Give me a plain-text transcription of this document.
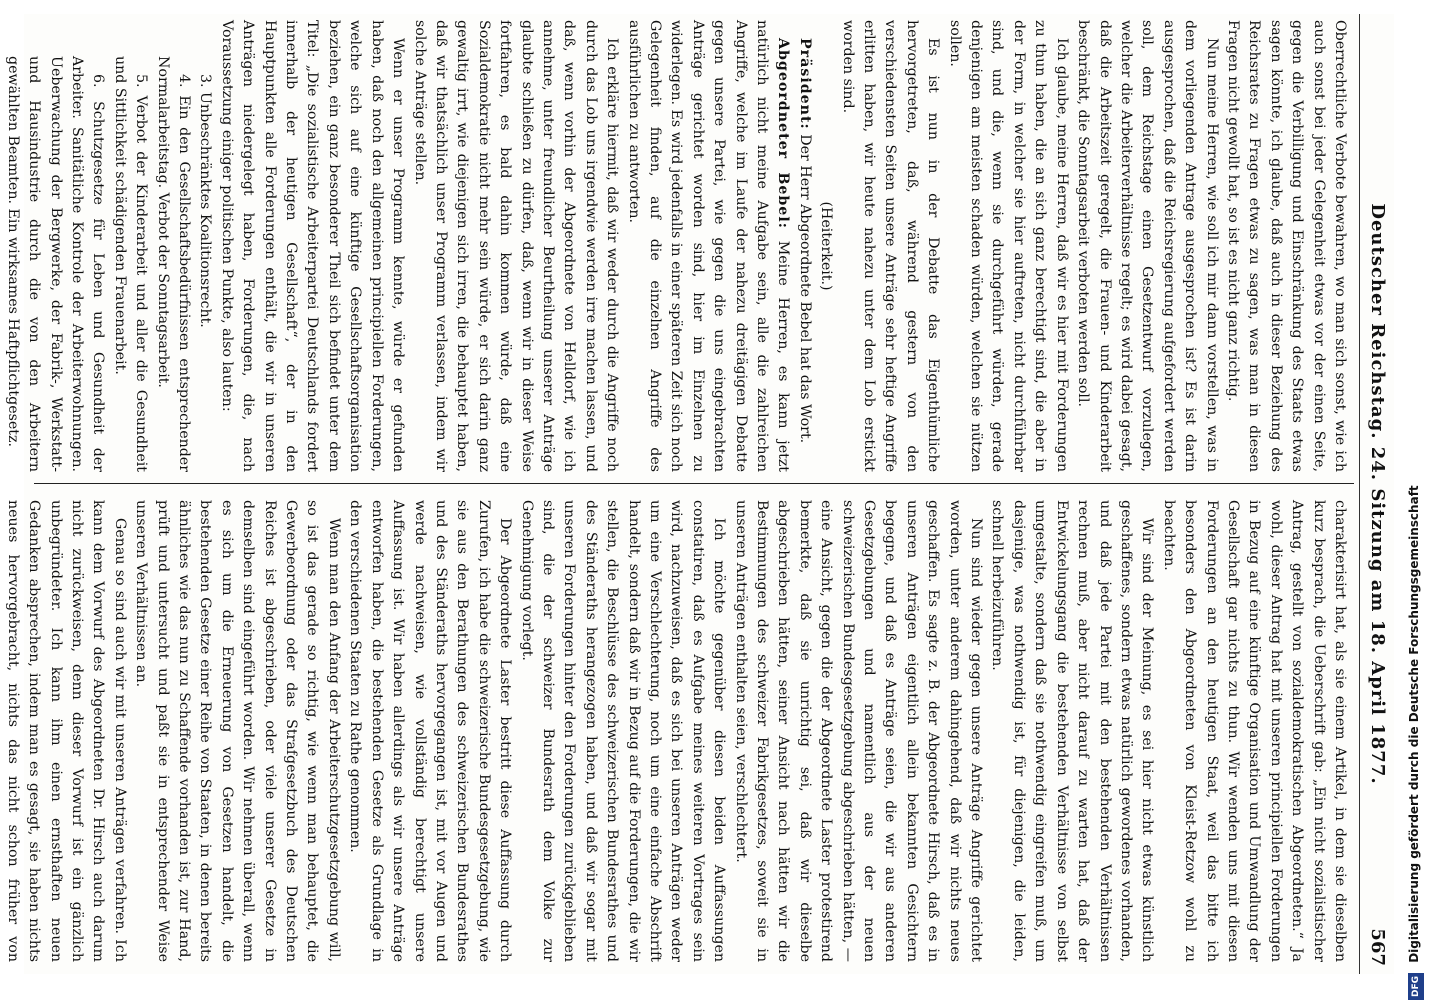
Deutscher Reichstag. 24. Sitzung am 18. April 1877.
567

Oberrechtliche Verbote bewahren, wo man sich sonst, wie ich auch sonst bei jeder Gelegenheit etwas vor der einen Seite, gegen die Verbilligung und Einschränkung des Staats etwas sagen könnte, ich glaube, daß auch in dieser Beziehung des Reichsrates zu Fragen etwas zu sagen, was man in diesen Fragen nicht gewollt hat, so ist es nicht ganz richtig.

Nun meine Herren, wie soll ich mir dann vorstellen, was in dem vorliegenden Antrage ausgesprochen ist? Es ist darin ausgesprochen, daß die Reichsregierung aufgefordert werden soll, dem Reichstage einen Gesetzentwurf vorzulegen, welcher die Arbeiterverhältnisse regelt; es wird dabei gesagt, daß die Arbeitszeit geregelt, die Frauen- und Kinderarbeit beschränkt, die Sonntagsarbeit verboten werden soll.

Ich glaube, meine Herren, daß wir es hier mit Forderungen zu thun haben, die an sich ganz berechtigt sind, die aber in der Form, in welcher sie hier auftreten, nicht durchführbar sind, und die, wenn sie durchgeführt würden, gerade denjenigen am meisten schaden würden, welchen sie nützen sollen.

Es ist nun in der Debatte das Eigenthümliche hervorgetreten, daß, während gestern von den verschiedensten Seiten unsere Anträge sehr heftige Angriffe erlitten haben, wir heute nahezu unter dem Lob erstickt worden sind.

(Heiterkeit.)

Präsident: Der Herr Abgeordnete Bebel hat das Wort.

Abgeordneter Bebel: Meine Herren, es kann jetzt natürlich nicht meine Aufgabe sein, alle die zahlreichen Angriffe, welche im Laufe der nahezu dreitägigen Debatte gegen unsere Partei, wie gegen die uns eingebrachten Anträge gerichtet worden sind, hier im Einzelnen zu widerlegen. Es wird jedenfalls in einer späteren Zeit sich noch Gelegenheit finden, auf die einzelnen Angriffe des ausführlichen zu antworten.

Ich erkläre hiermit, daß wir weder durch die Angriffe noch durch das Lob uns irgendwie werden irre machen lassen, und daß, wenn vorhin der Abgeordnete von Helldorf, wie ich annehme, unter freundlicher Beurtheilung unserer Anträge glaubte schließen zu dürfen, daß, wenn wir in dieser Weise fortfahren, es bald dahin kommen würde, daß eine Sozialdemokratie nicht mehr sein würde, er sich darin ganz gewaltig irrt, wie diejenigen sich irren, die behauptet haben, daß wir thatsächlich unser Programm verlassen, indem wir solche Anträge stellen.

Wenn er unser Programm kennte, würde er gefunden haben, daß noch den allgemeinen principiellen Forderungen, welche sich auf eine künftige Gesellschaftsorganisation beziehen, ein ganz besonderer Theil sich befindet unter dem Titel: „Die sozialistische Arbeiterpartei Deutschlands fordert innerhalb der heutigen Gesellschaft“, der in den Hauptpunkten alle Forderungen enthält, die wir in unseren Anträgen niedergelegt haben, Forderungen, die, nach Voraussetzung einiger politischen Punkte, also lauten:

3. Unbeschränktes Koalitionsrecht.

4. Ein den Gesellschaftsbedürfnissen entsprechender Normalarbeitstag. Verbot der Sonntagsarbeit.

5. Verbot der Kinderarbeit und aller die Gesundheit und Sittlichkeit schädigenden Frauenarbeit.

6. Schutzgesetze für Leben und Gesundheit der Arbeiter. Sanitätliche Kontrole der Arbeiterwohnungen. Ueberwachung der Bergwerke, der Fabrik-, Werkstatt- und Hausindustrie durch die von den Arbeitern gewählten Beamten. Ein wirksames Haftpflichtgesetz.

charakterisirt hat, als sie einem Artikel, in dem sie dieselben kurz besprach, die Ueberschrift gab: „Ein nicht sozialistischer Antrag, gestellt von sozialdemokratischen Abgeordneten.“ Ja wohl, dieser Antrag hat mit unseren principiellen Forderungen in Bezug auf eine künftige Organisation und Umwandlung der Gesellschaft gar nichts zu thun. Wir wenden uns mit diesen Forderungen an den heutigen Staat, weil das bitte ich besonders den Abgeordneten von Kleist-Retzow wohl zu beachten.

Wir sind der Meinung, es sei hier nicht etwas künstlich geschaffenes, sondern etwas natürlich gewordenes vorhanden, und daß jede Partei mit den bestehenden Verhältnissen rechnen muß, aber nicht darauf zu warten hat, daß der Entwickelungsgang die bestehenden Verhältnisse von selbst umgestalte, sondern daß sie nothwendig eingreifen muß, um dasjenige, was nothwendig ist, für diejenigen, die leiden, schnell herbeizuführen.

Nun sind wieder gegen unsere Anträge Angriffe gerichtet worden, unter anderem dahingehend, daß wir nichts neues geschaffen. Es sagte z. B. der Abgeordnete Hirsch, daß es in unseren Anträgen eigentlich allein bekannten Gesichtern begegne, und daß es Anträge seien, die wir aus anderen Gesetzgebungen und namentlich aus der neuen schweizerischen Bundesgesetzgebung abgeschrieben hätten, — eine Ansicht, gegen die der Abgeordnete Laster protestirend bemerkte, daß sie unrichtig sei, daß wir dieselbe abgeschrieben hätten, seiner Ansicht nach hätten wir die Bestimmungen des schweizer Fabrikgesetzes, soweit sie in unseren Anträgen enthalten seien, verschlechtert.

Ich möchte gegenüber diesen beiden Auffassungen constatiren, daß es Aufgabe meines weiteren Vortrages sein wird, nachzuweisen, daß es sich bei unseren Anträgen weder um eine Verschlechterung, noch um eine einfache Abschrift handelt, sondern daß wir in Bezug auf die Forderungen, die wir stellen, die Beschlüsse des schweizerischen Bundesrathes und des Ständeraths herangezogen haben, und daß wir sogar mit unseren Forderungen hinter den Forderungen zurückgeblieben sind, die der schweizer Bundesrath dem Volke zur Genehmigung vorlegt.

Der Abgeordnete Laster bestritt diese Auffassung durch Zurufen, ich habe die schweizerische Bundesgesetzgebung, wie sie aus den Berathungen des schweizerischen Bundesrathes und des Ständeraths hervorgegangen ist, mit vor Augen und werde nachweisen, wie vollständig berechtigt unsere Auffassung ist. Wir haben allerdings als wir unsere Anträge entworfen haben, die bestehenden Gesetze als Grundlage in den verschiedenen Staaten zu Rathe genommen.

Wenn man den Anfang der Arbeiterschutzgesetzgebung will, so ist das gerade so richtig, wie wenn man behauptet, die Gewerbeordnung oder das Strafgesetzbuch des Deutschen Reiches ist abgeschrieben, oder viele unserer Gesetze in demselben sind eingeführt worden. Wir nehmen überall, wenn es sich um die Erneuerung von Gesetzen handelt, die bestehenden Gesetze einer Reihe von Staaten, in denen bereits ähnliches wie das nun zu Schaffende vorhanden ist, zur Hand, prüft und untersucht und paßt sie in entsprechender Weise unseren Verhältnissen an.

Genau so sind auch wir mit unseren Anträgen verfahren. Ich kann dem Vorwurf des Abgeordneten Dr. Hirsch auch darum nicht zurückweisen, denn dieser Vorwurf ist ein gänzlich unbegründeter. Ich kann ihm einen ernsthaften neuen Gedanken absprechen, indem man es gesagt, sie haben nichts neues hervorgebracht, nichts das nicht schon früher von

DFG Digitalisierung gefördert durch die Deutsche Forschungsgemeinschaft
